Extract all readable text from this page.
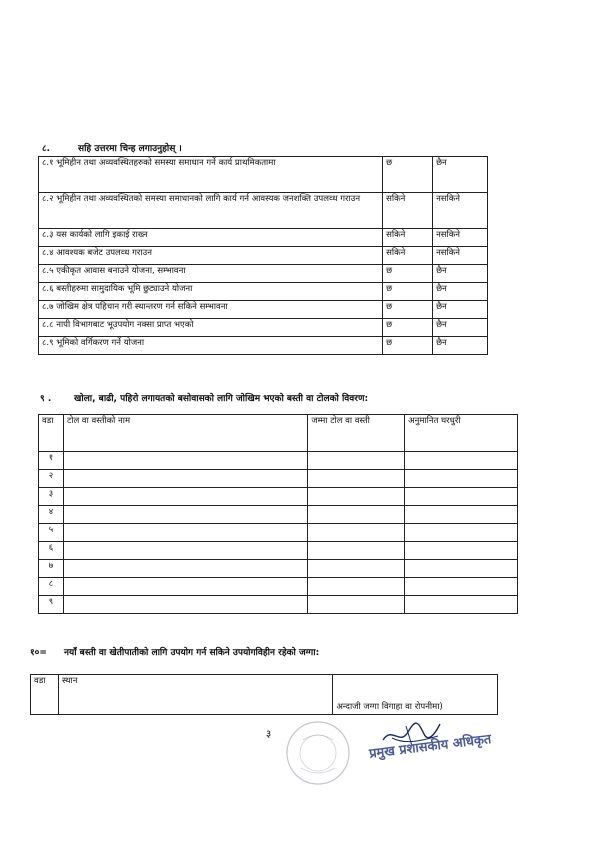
८.	सहि उत्तरमा चिन्ह लगाउनुहोस् ।
८.१ भूमिहीन तथा अव्यवस्थितहरुको समस्या समाधान गर्ने कार्य प्राथमिकतामा	छ	छैन
८.२ भूमिहीन तथा अव्यवस्थितको समस्या समाधानको लागि कार्य गर्न आवस्यक जनशक्ति उपलव्ध गराउन	सकिने	नसकिने
८.३ यस कार्यको लागि इकाई राख्न	सकिने	नसकिने
८.४ आवश्यक बजेट उपलव्ध गराउन	सकिने	नसकिने
८.५ एकीकृत आवास बनाउने योजना, सम्भावना	छ	छैन
८.६ बस्तीहरुमा सामुदायिक भूमि छुट्याउने योजना	छ	छैन
८.७ जोखिम क्षेत्र पहिचान गरी स्थान्तरण गर्न सकिने सम्भावना	छ	छैन
८.८ नापी विभागबाट भूउपयोग नक्सा प्राप्त भएको	छ	छैन
८.९ भूमिको वर्गिकरण गर्ने योजना	छ	छैन
९ .	खोला, बाढी, पहिरो लगायतको बसोवासको लागि जोखिम भएको बस्ती वा टोलको विवरण:
वडा	टोल वा वस्तीको नाम	जम्मा टोल वा वस्ती	अनुमानित घरधुरी
१			
२			
३			
४			
५			
६			
७			
८			
९			
१०= नयाँ बस्ती वा खेतीपातीको लागि उपयोग गर्न सकिने उपयोगविहीन रहेको जग्गा:
वडा	स्थान	अन्दाजी जग्गा विगाहा वा रोपनीमा)
३	प्रमुख प्रशासकीय अधिकृत
